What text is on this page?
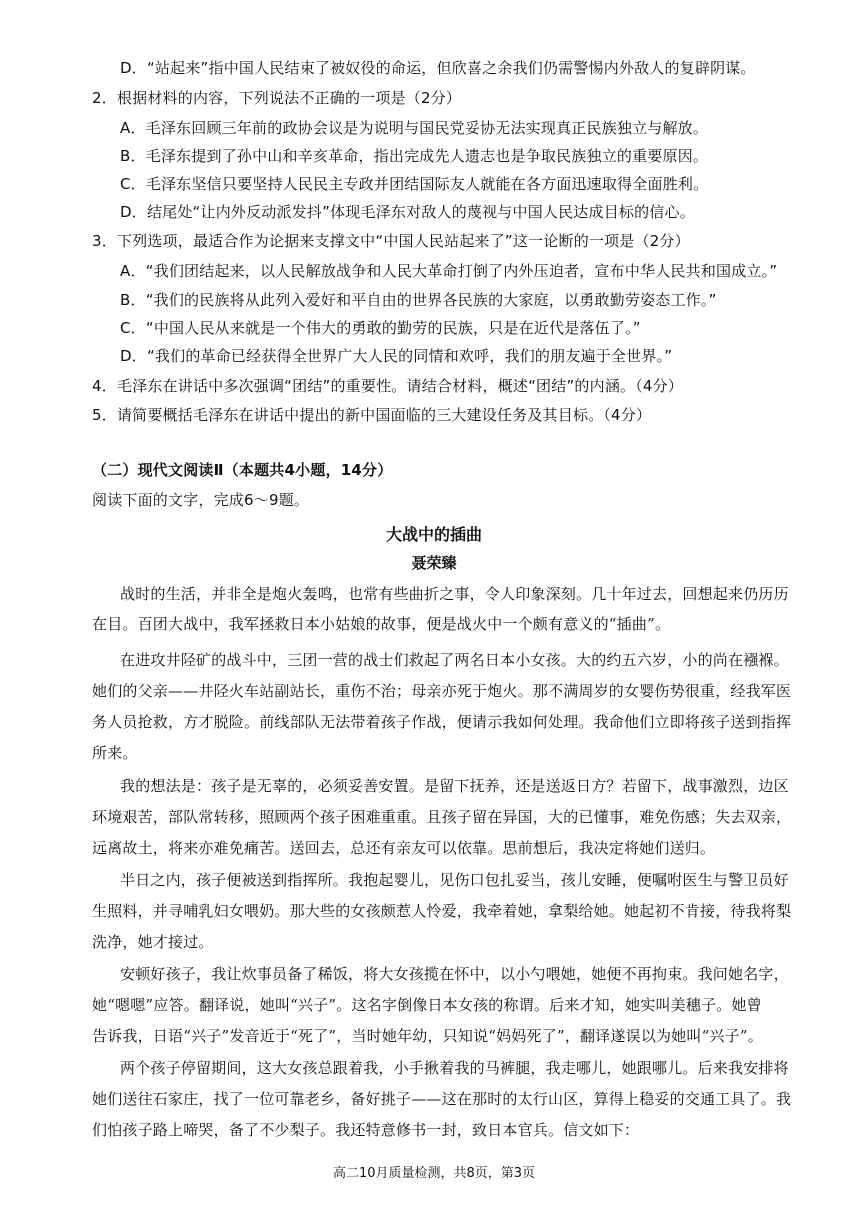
D．“站起来”指中国人民结束了被奴役的命运，但欣喜之余我们仍需警惕内外敌人的复辟阴谋。
2．根据材料的内容，下列说法不正确的一项是（2分）
A．毛泽东回顾三年前的政协会议是为说明与国民党妥协无法实现真正民族独立与解放。
B．毛泽东提到了孙中山和辛亥革命，指出完成先人遗志也是争取民族独立的重要原因。
C．毛泽东坚信只要坚持人民民主专政并团结国际友人就能在各方面迅速取得全面胜利。
D．结尾处“让内外反动派发抖”体现毛泽东对敌人的蔑视与中国人民达成目标的信心。
3．下列选项，最适合作为论据来支撑文中“中国人民站起来了”这一论断的一项是（2分）
A．“我们团结起来，以人民解放战争和人民大革命打倒了内外压迫者，宣布中华人民共和国成立。”
B．“我们的民族将从此列入爱好和平自由的世界各民族的大家庭，以勇敢勤劳姿态工作。”
C．“中国人民从来就是一个伟大的勇敢的勤劳的民族，只是在近代是落伍了。”
D．“我们的革命已经获得全世界广大人民的同情和欢呼，我们的朋友遍于全世界。”
4．毛泽东在讲话中多次强调“团结”的重要性。请结合材料，概述“团结”的内涵。（4分）
5．请简要概括毛泽东在讲话中提出的新中国面临的三大建设任务及其目标。（4分）
（二）现代文阅读Ⅱ（本题共4小题，14分）
阅读下面的文字，完成6～9题。
大战中的插曲
聂荣臻
战时的生活，并非全是炮火轰鸣，也常有些曲折之事，令人印象深刻。几十年过去，回想起来仍历历
在目。百团大战中，我军拯救日本小姑娘的故事，便是战火中一个颇有意义的“插曲”。
在进攻井陉矿的战斗中，三团一营的战士们救起了两名日本小女孩。大的约五六岁，小的尚在襁褓。
她们的父亲——井陉火车站副站长，重伤不治；母亲亦死于炮火。那不满周岁的女婴伤势很重，经我军医
务人员抢救，方才脱险。前线部队无法带着孩子作战，便请示我如何处理。我命他们立即将孩子送到指挥
所来。
我的想法是：孩子是无辜的，必须妥善安置。是留下抚养，还是送返日方？若留下，战事激烈，边区
环境艰苦，部队常转移，照顾两个孩子困难重重。且孩子留在异国，大的已懂事，难免伤感；失去双亲，
远离故土，将来亦难免痛苦。送回去，总还有亲友可以依靠。思前想后，我决定将她们送归。
半日之内，孩子便被送到指挥所。我抱起婴儿，见伤口包扎妥当，孩儿安睡，便嘱咐医生与警卫员好
生照料，并寻哺乳妇女喂奶。那大些的女孩颇惹人怜爱，我牵着她，拿梨给她。她起初不肯接，待我将梨
洗净，她才接过。
安顿好孩子，我让炊事员备了稀饭，将大女孩揽在怀中，以小勺喂她，她便不再拘束。我问她名字，
她“嗯嗯”应答。翻译说，她叫“兴子”。这名字倒像日本女孩的称谓。后来才知，她实叫美穗子。她曾
告诉我，日语“兴子”发音近于“死了”，当时她年幼，只知说“妈妈死了”，翻译遂误以为她叫“兴子”。
两个孩子停留期间，这大女孩总跟着我，小手揪着我的马裤腿，我走哪儿，她跟哪儿。后来我安排将
她们送往石家庄，找了一位可靠老乡，备好挑子——这在那时的太行山区，算得上稳妥的交通工具了。我
们怕孩子路上啼哭，备了不少梨子。我还特意修书一封，致日本官兵。信文如下：
高二10月质量检测，共8页，第3页
